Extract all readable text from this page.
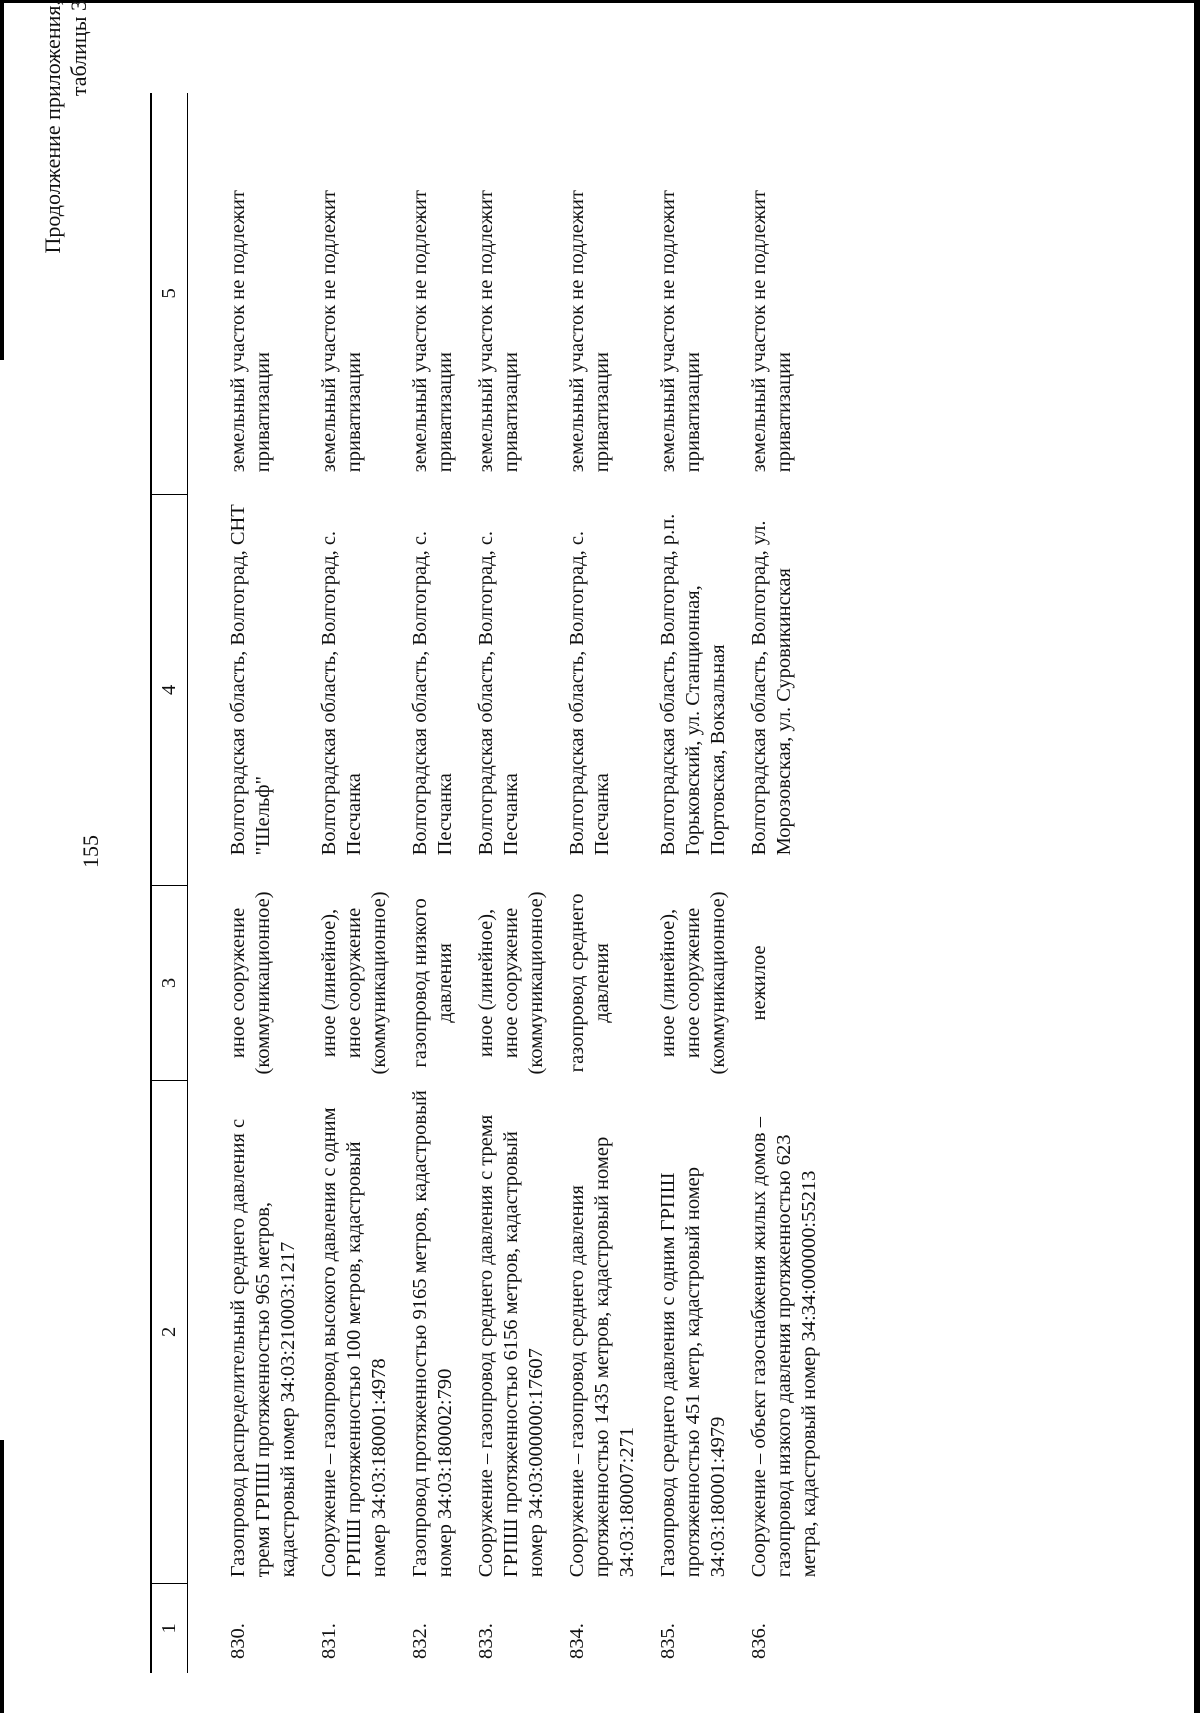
155
Продолжение приложения, таблицы 3
1	2	3	4	5
830.	Газопровод распределительный среднего давления с тремя ГРПШ протяженностью 965 метров, кадастровый номер 34:03:210003:1217	иное сооружение (коммуникационное)	Волгоградская область, Волгоград, СНТ "Шельф"	земельный участок не подлежит приватизации
831.	Сооружение – газопровод высокого давления с одним ГРПШ протяженностью 100 метров, кадастровый номер 34:03:180001:4978	иное (линейное), иное сооружение (коммуникационное)	Волгоградская область, Волгоград, с. Песчанка	земельный участок не подлежит приватизации
832.	Газопровод протяженностью 9165 метров, кадастровый номер 34:03:180002:790	газопровод низкого давления	Волгоградская область, Волгоград, с. Песчанка	земельный участок не подлежит приватизации
833.	Сооружение – газопровод среднего давления с тремя ГРПШ протяженностью 6156 метров, кадастровый номер 34:03:000000:17607	иное (линейное), иное сооружение (коммуникационное)	Волгоградская область, Волгоград, с. Песчанка	земельный участок не подлежит приватизации
834.	Сооружение – газопровод среднего давления протяженностью 1435 метров, кадастровый номер 34:03:180007:271	газопровод среднего давления	Волгоградская область, Волгоград, с. Песчанка	земельный участок не подлежит приватизации
835.	Газопровод среднего давления с одним ГРПШ протяженностью 451 метр, кадастровый номер 34:03:180001:4979	иное (линейное), иное сооружение (коммуникационное)	Волгоградская область, Волгоград, р.п. Горьковский, ул. Станционная, Портовская, Вокзальная	земельный участок не подлежит приватизации
836.	Сооружение – объект газоснабжения жилых домов – газопровод низкого давления протяженностью 623 метра, кадастровый номер 34:34:000000:55213	нежилое	Волгоградская область, Волгоград, ул. Морозовская, ул. Суровикинская	земельный участок не подлежит приватизации
